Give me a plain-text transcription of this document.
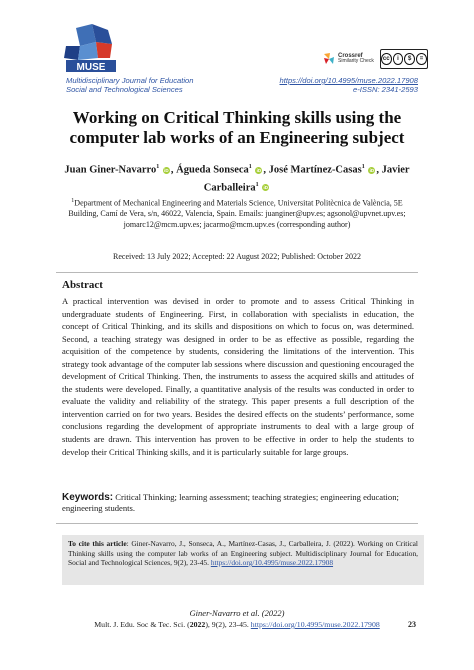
MUSE
Multidisciplinary Journal for Education
Social and Technological Sciences
Crossref
Similarity Check	cc	i	$	=
https://doi.org/10.4995/muse.2022.17908
e-ISSN: 2341-2593
Working on Critical Thinking skills using the computer lab works of an Engineering subject
Juan Giner-Navarro$^1$ iD , Águeda Sonseca$^1$ iD , José Martínez-Casas$^1$ iD , Javier Carballeira$^1$ iD
$^1$Department of Mechanical Engineering and Materials Science, Universitat Politècnica de València, 5E Building, Camí de Vera, s/n, 46022, Valencia, Spain. Emails: juanginer@upv.es; agsonol@upvnet.upv.es; jomarc12@mcm.upv.es; jacarmo@mcm.upv.es (corresponding author)
Received: 13 July 2022; Accepted: 22 August 2022; Published: October 2022
Abstract
A practical intervention was devised in order to promote and to assess Critical Thinking in undergraduate students of Engineering. First, in collaboration with specialists in education, the concept of Critical Thinking, and its skills and dispositions on which to focus on, was determined. Second, a teaching strategy was designed in order to be as effective as possible, regarding the acquisition of the competence by students, considering the limitations of the intervention. This strategy took advantage of the computer lab sessions where discussion and questioning encouraged the development of Critical Thinking. Then, the instruments to assess the acquired skills and attitudes of the students were developed. Finally, a quantitative analysis of the results was conducted in order to evaluate the validity and reliability of the strategy. This paper presents a full description of the intervention carried on for two years. Besides the desired effects on the students’ performance, some conclusions regarding the development of appropriate instruments to deal with a large group of students are drawn. This intervention has proven to be effective in order to help the students to develop their Critical Thinking skills, and it is particularly suitable for large groups.
Keywords: Critical Thinking; learning assessment; teaching strategies; engineering education; engineering students.
To cite this article: Giner-Navarro, J., Sonseca, A., Martínez-Casas, J., Carballeira, J. (2022). Working on Critical Thinking skills using the computer lab works of an Engineering subject. Multidisciplinary Journal for Education, Social and Technological Sciences, 9(2), 23-45. https://doi.org/10.4995/muse.2022.17908
Giner-Navarro et al. (2022)
Mult. J. Edu. Soc & Tec. Sci. (2022), 9(2), 23-45. https://doi.org/10.4995/muse.2022.17908	23
